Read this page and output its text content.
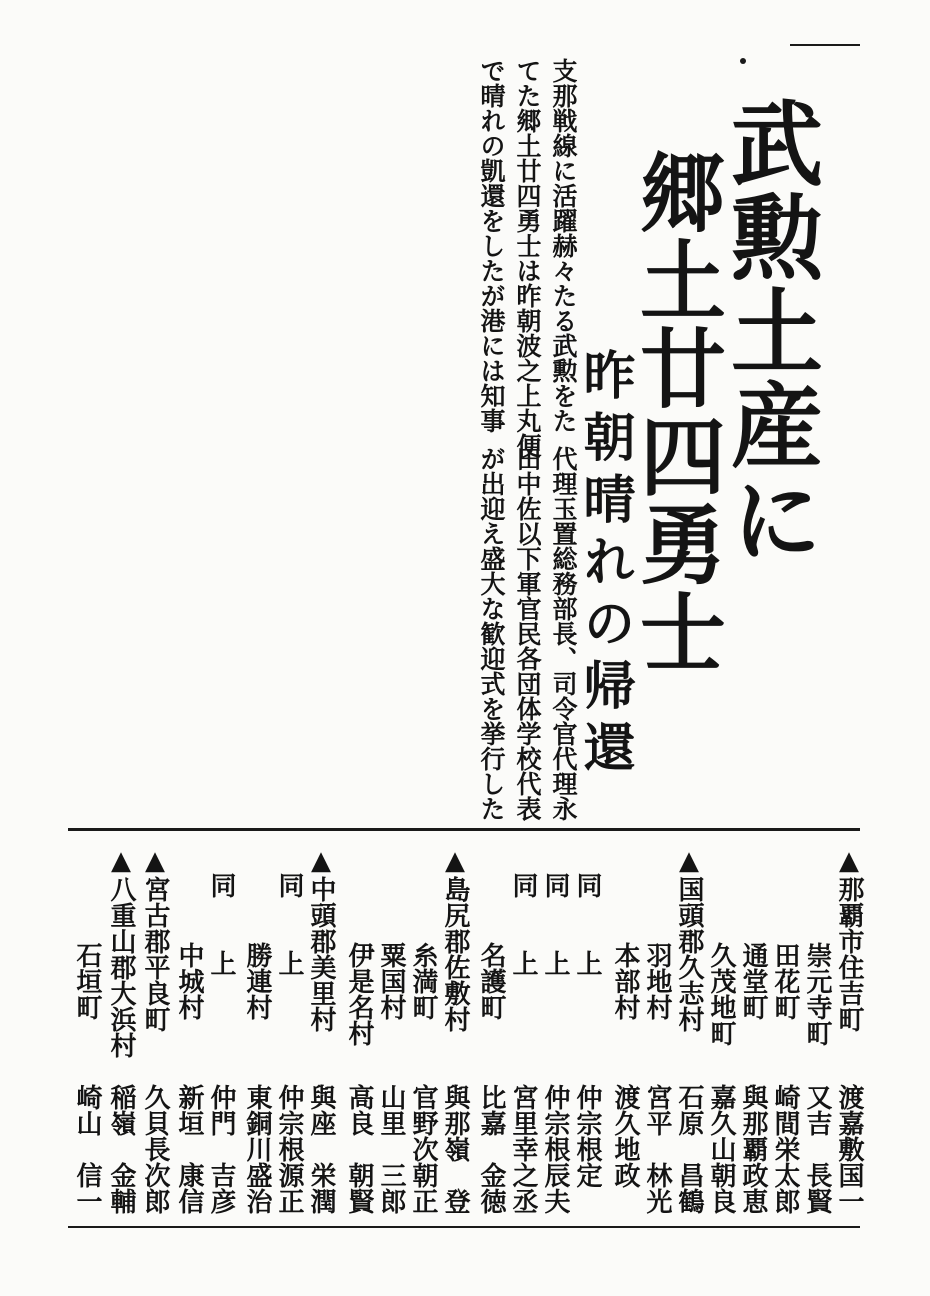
武勲土産に
郷土廿四勇士
昨朝晴れの帰還
支那戦線に活躍赫々たる武勲をた
てた郷土廿四勇士は昨朝波之上丸便
で晴れの凱還をしたが港には知事
代理玉置総務部長、司令官代理永
田中佐以下軍官民各団体学校代表
が出迎え盛大な歓迎式を挙行した
▲那覇市住吉町
渡嘉敷国一
崇元寺町
又吉　長賢
田花町
崎間栄太郎
通堂町
與那覇政恵
久茂地町
嘉久山朝良
▲国頭郡久志村
石原　昌鶴
羽地村
宮平　林光
本部村
渡久地政
同　　上
仲宗根定
同　　上
仲宗根辰夫
同　　上
宮里幸之丞
名護町
比嘉　金徳
▲島尻郡佐敷村
與那嶺　登
糸満町
官野次朝正
粟国村
山里　三郎
伊是名村
高良　朝賢
▲中頭郡美里村
與座　栄潤
同　　上
仲宗根源正
勝連村
東銅川盛治
同　　上
仲門　吉彦
中城村
新垣　康信
▲宮古郡平良町
久貝長次郎
▲八重山郡大浜村
稲嶺　金輔
石垣町
崎山　信一
